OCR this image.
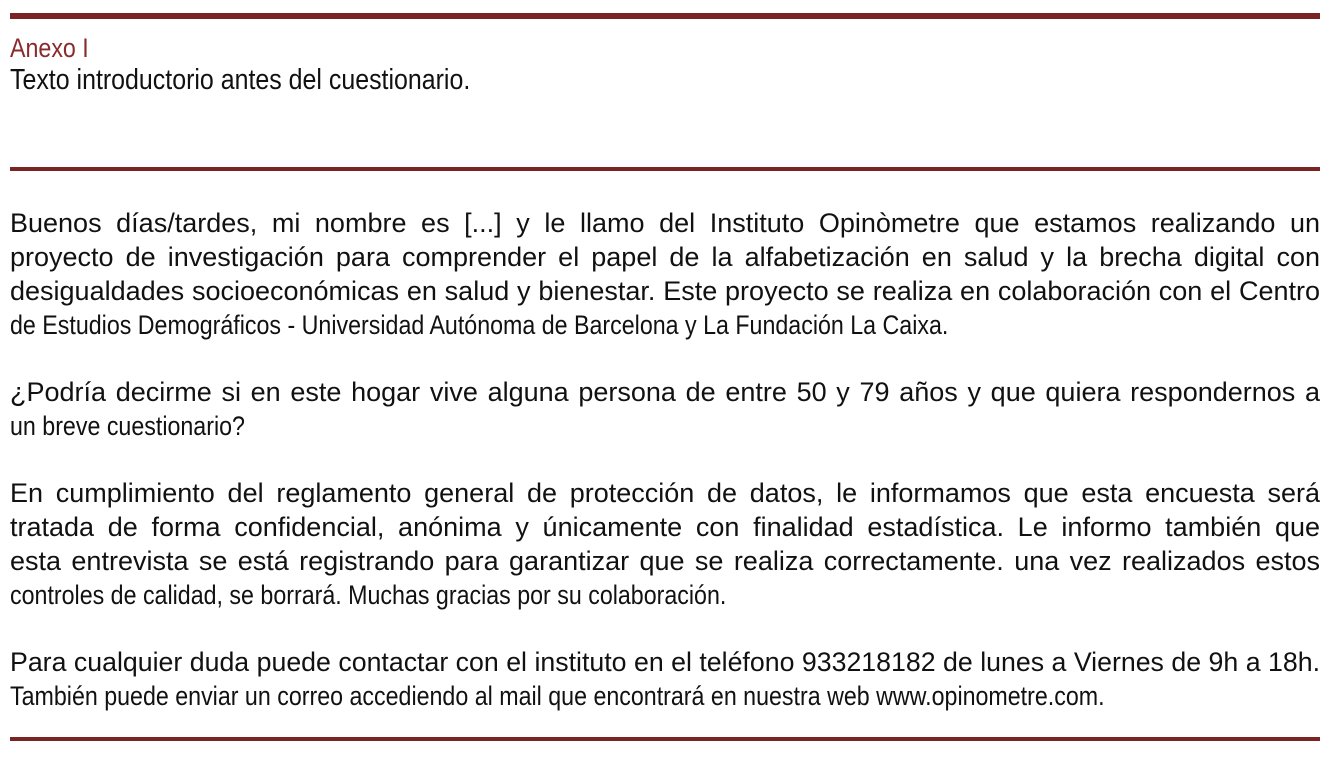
Anexo I
Texto introductorio antes del cuestionario.
Buenos días/tardes, mi nombre es [...] y le llamo del Instituto Opinòmetre que estamos realizando un
proyecto de investigación para comprender el papel de la alfabetización en salud y la brecha digital con
desigualdades socioeconómicas en salud y bienestar. Este proyecto se realiza en colaboración con el Centro
de Estudios Demográficos - Universidad Autónoma de Barcelona y La Fundación La Caixa.
¿Podría decirme si en este hogar vive alguna persona de entre 50 y 79 años y que quiera respondernos a
un breve cuestionario?
En cumplimiento del reglamento general de protección de datos, le informamos que esta encuesta será
tratada de forma confidencial, anónima y únicamente con finalidad estadística. Le informo también que
esta entrevista se está registrando para garantizar que se realiza correctamente. una vez realizados estos
controles de calidad, se borrará. Muchas gracias por su colaboración.
Para cualquier duda puede contactar con el instituto en el teléfono 933218182 de lunes a Viernes de 9h a 18h.
También puede enviar un correo accediendo al mail que encontrará en nuestra web www.opinometre.com.
